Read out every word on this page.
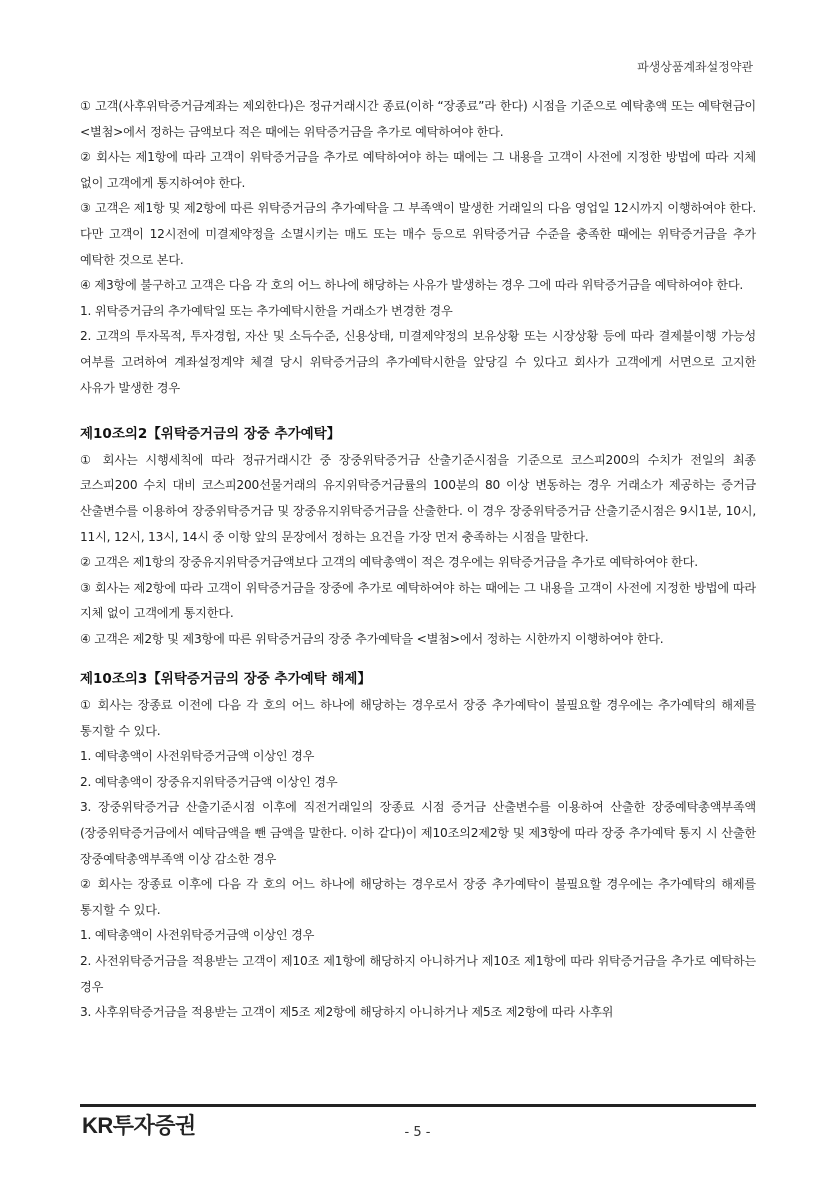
파생상품계좌설정약관

① 고객(사후위탁증거금계좌는 제외한다)은 정규거래시간 종료(이하 “장종료”라 한다) 시점을 기준으로 예탁총액 또는 예탁현금이 <별첨>에서 정하는 금액보다 적은 때에는 위탁증거금을 추가로 예탁하여야 한다.

② 회사는 제1항에 따라 고객이 위탁증거금을 추가로 예탁하여야 하는 때에는 그 내용을 고객이 사전에 지정한 방법에 따라 지체 없이 고객에게 통지하여야 한다.

③ 고객은 제1항 및 제2항에 따른 위탁증거금의 추가예탁을 그 부족액이 발생한 거래일의 다음 영업일 12시까지 이행하여야 한다. 다만 고객이 12시전에 미결제약정을 소멸시키는 매도 또는 매수 등으로 위탁증거금 수준을 충족한 때에는 위탁증거금을 추가 예탁한 것으로 본다.

④ 제3항에 불구하고 고객은 다음 각 호의 어느 하나에 해당하는 사유가 발생하는 경우 그에 따라 위탁증거금을 예탁하여야 한다.

1. 위탁증거금의 추가예탁일 또는 추가예탁시한을 거래소가 변경한 경우

2. 고객의 투자목적, 투자경험, 자산 및 소득수준, 신용상태, 미결제약정의 보유상황 또는 시장상황 등에 따라 결제불이행 가능성 여부를 고려하여 계좌설정계약 체결 당시 위탁증거금의 추가예탁시한을 앞당길 수 있다고 회사가 고객에게 서면으로 고지한 사유가 발생한 경우

제10조의2【위탁증거금의 장중 추가예탁】

① 회사는 시행세칙에 따라 정규거래시간 중 장중위탁증거금 산출기준시점을 기준으로 코스피200의 수치가 전일의 최종 코스피200 수치 대비 코스피200선물거래의 유지위탁증거금률의 100분의 80 이상 변동하는 경우 거래소가 제공하는 증거금 산출변수를 이용하여 장중위탁증거금 및 장중유지위탁증거금을 산출한다. 이 경우 장중위탁증거금 산출기준시점은 9시1분, 10시, 11시, 12시, 13시, 14시 중 이항 앞의 문장에서 정하는 요건을 가장 먼저 충족하는 시점을 말한다.

② 고객은 제1항의 장중유지위탁증거금액보다 고객의 예탁총액이 적은 경우에는 위탁증거금을 추가로 예탁하여야 한다.

③ 회사는 제2항에 따라 고객이 위탁증거금을 장중에 추가로 예탁하여야 하는 때에는 그 내용을 고객이 사전에 지정한 방법에 따라 지체 없이 고객에게 통지한다.

④ 고객은 제2항 및 제3항에 따른 위탁증거금의 장중 추가예탁을 <별첨>에서 정하는 시한까지 이행하여야 한다.

제10조의3【위탁증거금의 장중 추가예탁 해제】

① 회사는 장종료 이전에 다음 각 호의 어느 하나에 해당하는 경우로서 장중 추가예탁이 불필요할 경우에는 추가예탁의 해제를 통지할 수 있다.

1. 예탁총액이 사전위탁증거금액 이상인 경우

2. 예탁총액이 장중유지위탁증거금액 이상인 경우

3. 장중위탁증거금 산출기준시점 이후에 직전거래일의 장종료 시점 증거금 산출변수를 이용하여 산출한 장중예탁총액부족액(장중위탁증거금에서 예탁금액을 뺀 금액을 말한다. 이하 같다)이 제10조의2제2항 및 제3항에 따라 장중 추가예탁 통지 시 산출한 장중예탁총액부족액 이상 감소한 경우

② 회사는 장종료 이후에 다음 각 호의 어느 하나에 해당하는 경우로서 장중 추가예탁이 불필요할 경우에는 추가예탁의 해제를 통지할 수 있다.

1. 예탁총액이 사전위탁증거금액 이상인 경우

2. 사전위탁증거금을 적용받는 고객이 제10조 제1항에 해당하지 아니하거나 제10조 제1항에 따라 위탁증거금을 추가로 예탁하는 경우

3. 사후위탁증거금을 적용받는 고객이 제5조 제2항에 해당하지 아니하거나 제5조 제2항에 따라 사후위

KR투자증권	- 5 -
